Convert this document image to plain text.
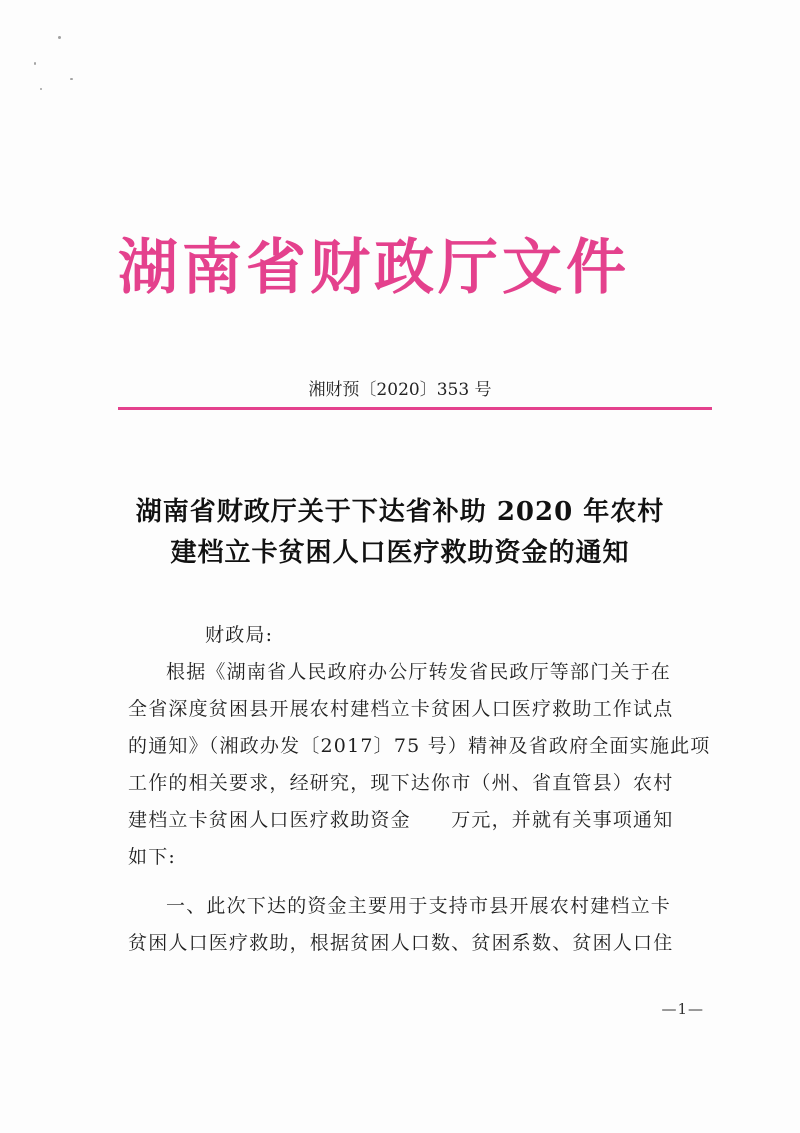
湖南省财政厅文件
湘财预〔2020〕353 号
湖南省财政厅关于下达省补助 2020 年农村
建档立卡贫困人口医疗救助资金的通知
财政局:
根据《湖南省人民政府办公厅转发省民政厅等部门关于在
全省深度贫困县开展农村建档立卡贫困人口医疗救助工作试点
的通知》（湘政办发〔2017〕75 号）精神及省政府全面实施此项
工作的相关要求，经研究，现下达你市（州、省直管县）农村
建档立卡贫困人口医疗救助资金　　万元，并就有关事项通知
如下:
一、此次下达的资金主要用于支持市县开展农村建档立卡
贫困人口医疗救助，根据贫困人口数、贫困系数、贫困人口住
—1—
